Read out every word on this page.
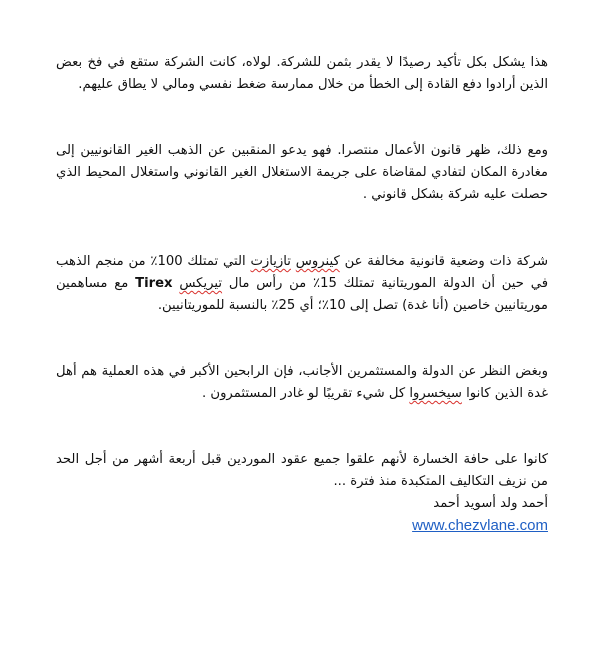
هذا يشكل بكل تأكيد رصيدًا لا يقدر بثمن للشركة. لولاه، كانت الشركة ستقع في فخ بعض الذين أرادوا دفع القادة إلى الخطأ من خلال ممارسة ضغط نفسي ومالي لا يطاق عليهم.

ومع ذلك، ظهر قانون الأعمال منتصرا. فهو يدعو المنقبين عن الذهب الغير القانونيين إلى مغادرة المكان لتفادي لمقاضاة على جريمة الاستغلال الغير القانوني واستغلال المحيط الذي حصلت عليه شركة بشكل قانوني .

شركة ذات وضعية قانونية مخالفة عن كينروس تازيازت التي تمتلك 100٪ من منجم الذهب في حين أن الدولة الموريتانية تمتلك 15٪ من رأس مال تيريكس Tirex مع مساهمين موريتانيين خاصين (أنا غدة) تصل إلى 10٪؛ أي 25٪ بالنسبة للموريتانيين.

وبغض النظر عن الدولة والمستثمرين الأجانب، فإن الرابحين الأكبر في هذه العملية هم أهل غدة الذين كانوا سيخسروا كل شيء تقريبًا لو غادر المستثمرون .

كانوا على حافة الخسارة لأنهم علقوا جميع عقود الموردين قبل أربعة أشهر من أجل الحد من نزيف التكاليف المتكبدة منذ فترة ...

أحمد ولد أسويد أحمد

www.chezvlane.com
